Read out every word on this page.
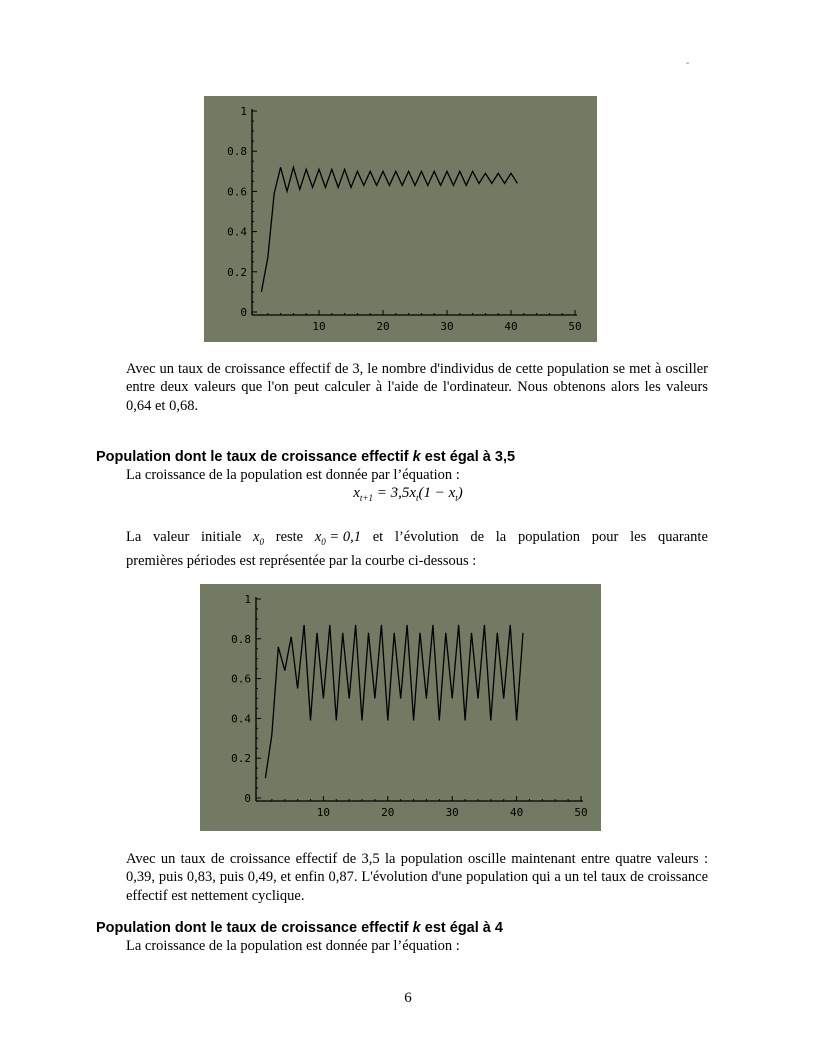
-
10	20	30	40	50
0
0.2
0.4
0.6
0.8
1

Avec un taux de croissance effectif de 3, le nombre d'individus de cette population se met à osciller entre deux valeurs que l'on peut calculer à l'aide de l'ordinateur. Nous obtenons alors les valeurs 0,64 et 0,68.

Population dont le taux de croissance effectif k est égal à 3,5

La croissance de la population est donnée par l’équation :

$x_{t+1} = 3,5x_t(1 - x_t)$

La valeur initiale $x_0$ reste $x_0 = 0,1$ et l’évolution de la population pour les quarante
premières périodes est représentée par la courbe ci-dessous :
10	20	30	40	50
0
0.2
0.4
0.6
0.8
1

Avec un taux de croissance effectif de 3,5 la population oscille maintenant entre quatre valeurs : 0,39, puis 0,83, puis 0,49, et enfin 0,87. L'évolution d'une population qui a un tel taux de croissance effectif est nettement cyclique.

Population dont le taux de croissance effectif k est égal à 4

La croissance de la population est donnée par l’équation :

6
